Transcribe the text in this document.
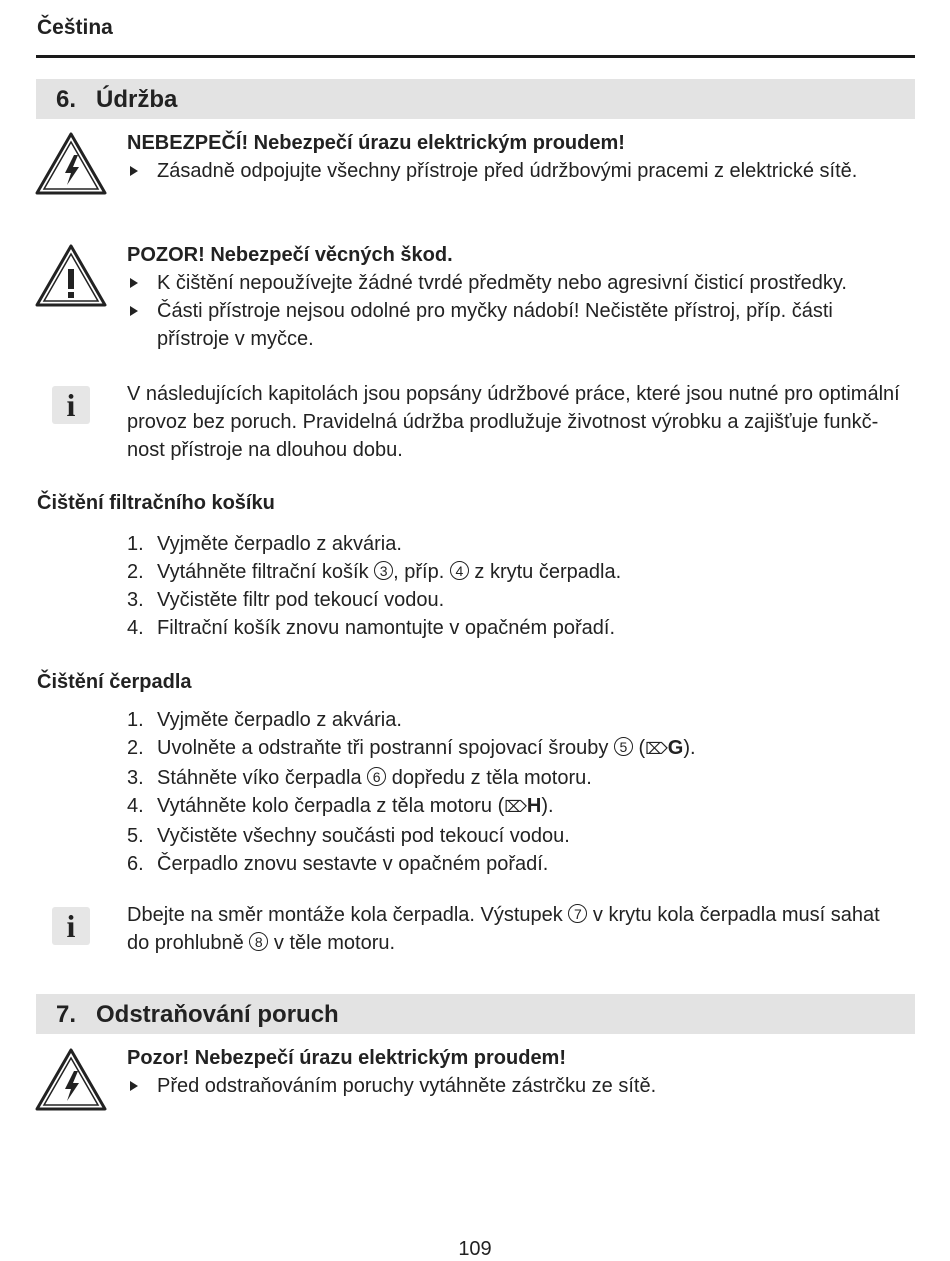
Čeština
6. Údržba
NEBEZPEČÍ! Nebezpečí úrazu elektrickým proudem!
Zásadně odpojujte všechny přístroje před údržbovými pracemi z elektrické sítě.
POZOR! Nebezpečí věcných škod.
K čištění nepoužívejte žádné tvrdé předměty nebo agresivní čisticí prostředky.
Části přístroje nejsou odolné pro myčky nádobí! Nečistěte přístroj, příp. části
přístroje v myčce.
i	V následujících kapitolách jsou popsány údržbové práce, které jsou nutné pro optimální
provoz bez poruch. Pravidelná údržba prodlužuje životnost výrobku a zajišťuje funkč-
nost přístroje na dlouhou dobu.
Čištění filtračního košíku
1. Vyjměte čerpadlo z akvária.
2. Vytáhněte filtrační košík 3 , příp. 4 z krytu čerpadla.
3. Vyčistěte filtr pod tekoucí vodou.
4. Filtrační košík znovu namontujte v opačném pořadí.
Čištění čerpadla
1. Vyjměte čerpadlo z akvária.
2. Uvolněte a odstraňte tři postranní spojovací šrouby 5 (⌦G).
3. Stáhněte víko čerpadla 6 dopředu z těla motoru.
4. Vytáhněte kolo čerpadla z těla motoru (⌦H).
5. Vyčistěte všechny součásti pod tekoucí vodou.
6. Čerpadlo znovu sestavte v opačném pořadí.
i	Dbejte na směr montáže kola čerpadla. Výstupek 7 v krytu kola čerpadla musí sahat
do prohlubně 8 v těle motoru.
7. Odstraňování poruch
Pozor! Nebezpečí úrazu elektrickým proudem!
Před odstraňováním poruchy vytáhněte zástrčku ze sítě.
109
